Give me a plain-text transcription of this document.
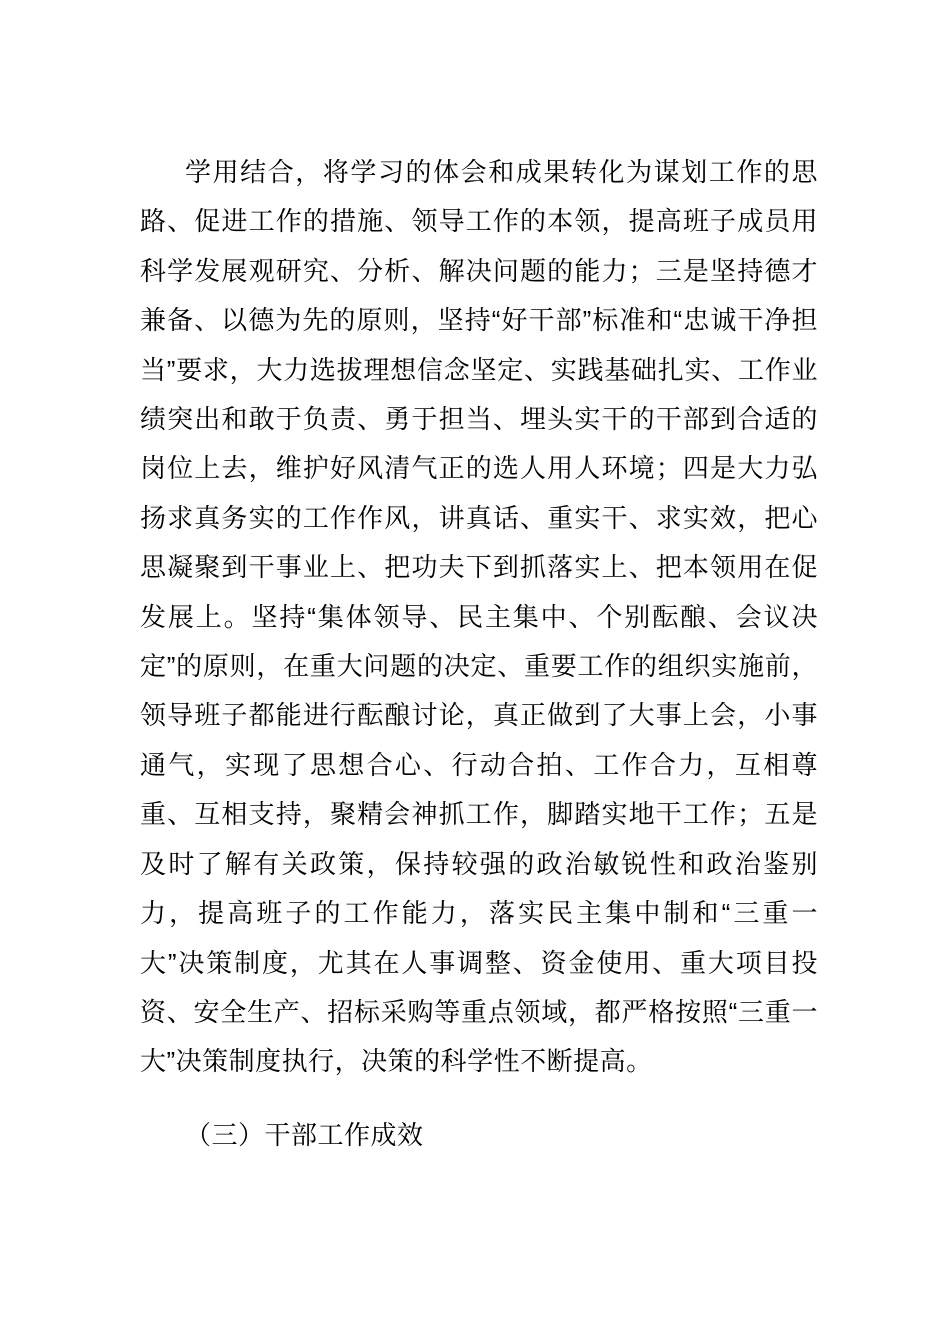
学用结合，将学习的体会和成果转化为谋划工作的思路、促进工作的措施、领导工作的本领，提高班子成员用科学发展观研究、分析、解决问题的能力；三是坚持德才兼备、以德为先的原则，坚持“好干部”标准和“忠诚干净担当”要求，大力选拔理想信念坚定、实践基础扎实、工作业绩突出和敢于负责、勇于担当、埋头实干的干部到合适的岗位上去，维护好风清气正的选人用人环境；四是大力弘扬求真务实的工作作风，讲真话、重实干、求实效，把心思凝聚到干事业上、把功夫下到抓落实上、把本领用在促发展上。坚持“集体领导、民主集中、个别酝酿、会议决定”的原则，在重大问题的决定、重要工作的组织实施前，领导班子都能进行酝酿讨论，真正做到了大事上会，小事通气，实现了思想合心、行动合拍、工作合力，互相尊重、互相支持，聚精会神抓工作，脚踏实地干工作；五是及时了解有关政策，保持较强的政治敏锐性和政治鉴别力，提高班子的工作能力，落实民主集中制和“三重一大”决策制度，尤其在人事调整、资金使用、重大项目投资、安全生产、招标采购等重点领域，都严格按照“三重一大”决策制度执行，决策的科学性不断提高。

（三）干部工作成效
